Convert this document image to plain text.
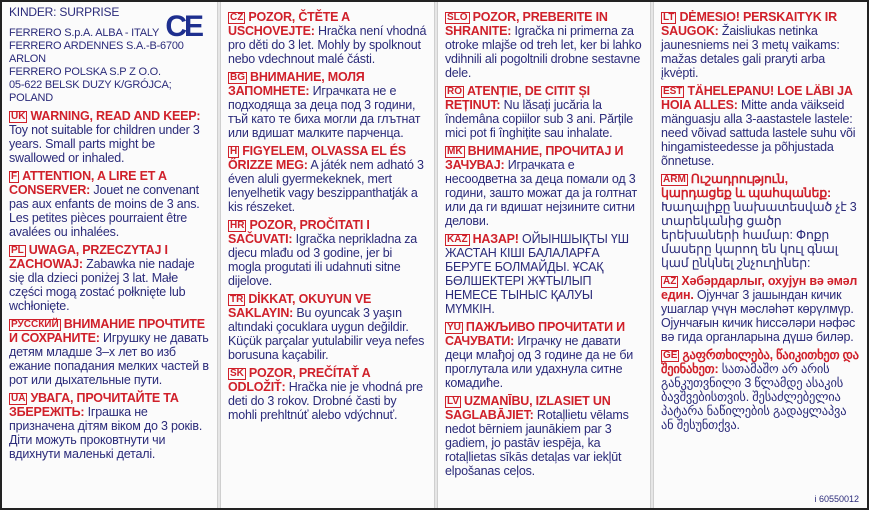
KINDER: SURPRISE	CE
FERRERO S.p.A. ALBA - ITALY
FERRERO ARDENNES S.A.-B-6700 ARLON
FERRERO POLSKA S.P Z O.O.
05-622 BELSK DUZY K/GRÓJCA; POLAND
UK WARNING, READ AND KEEP: Toy not suitable for children under 3 years. Small parts might be swallowed or inhaled.
F ATTENTION, A LIRE ET A CONSERVER: Jouet ne convenant pas aux enfants de moins de 3 ans. Les petites pièces pourraient être avalées ou inhalées.
PL UWAGA, PRZECZYTAJ I ZACHOWAJ: Zabawka nie nadaje się dla dzieci poniżej 3 lat. Małe części mogą zostać połknięte lub wchłonięte.
РУССКИЙ ВНИМАНИЕ ПРОЧТИТЕ И СОХРАНИТЕ: Игрушку не давать детям младше 3–х лет во изб ежание попадания мелких частей в рот или дыхательные пути.
UA УВАГА, ПРОЧИТАЙТЕ ТА ЗБЕРЕЖІТЬ: Іграшка не призначена дітям віком до 3 років. Діти можуть проковтнути чи вдихнути маленькі деталі.
CZ POZOR, ČTĚTE A USCHOVEJTE: Hračka není vhodná pro děti do 3 let. Mohly by spolknout nebo vdechnout malé části.
BG ВНИМАНИЕ, МОЛЯ ЗАПОМНЕТЕ: Играчката не е подходяща за деца под 3 години, тъй като те биха могли да глътнат или вдишат малките парченца.
H FIGYELEM, OLVASSA EL ÉS ŐRIZZE MEG: A játék nem adható 3 éven aluli gyermekeknek, mert lenyelhetik vagy beszippanthatják a kis részeket.
HR POZOR, PROČITATI I SAČUVATI: Igračka neprikladna za djecu mlađu od 3 godine, jer bi mogla progutati ili udahnuti sitne dijelove.
TR DİKKAT, OKUYUN VE SAKLAYIN: Bu oyuncak 3 yaşın altındaki çocuklara uygun değildir. Küçük parçalar yutulabilir veya nefes borusuna kaçabilir.
SK POZOR, PREČÍTAŤ A ODLOŽIŤ: Hračka nie je vhodná pre deti do 3 rokov. Drobné časti by mohli prehltnúť alebo vdýchnuť.
SLO POZOR, PREBERITE IN SHRANITE: Igračka ni primerna za otroke mlajše od treh let, ker bi lahko vdihnili ali pogoltnili drobne sestavne dele.
RO ATENȚIE, DE CITIT ȘI REȚINUT: Nu lăsați jucăria la îndemâna copiilor sub 3 ani. Părțile mici pot fi înghițite sau inhalate.
MK ВНИМАНИЕ, ПРОЧИТАЈ И ЗАЧУВАЈ: Играчката е несоодветна за деца помали од 3 години, зашто можат да ја голтнат или да ги вдишат нејзините ситни делови.
KAZ НАЗАР! ОЙЫНШЫҚТЫ ҮШ ЖАСТАН КІШІ БАЛАЛАРҒА БЕРУГЕ БОЛМАЙДЫ. ҰСАҚ БӨЛШЕКТЕРІ ЖҰТЫЛЫП НЕМЕСЕ ТЫНЫС ҚАЛУЫ МҮМКІН.
YU ПАЖЉИВО ПРОЧИТАТИ И САЧУВАТИ: Играчку не давати деци млађој од 3 године да не би проглутала или удахнула ситне комадиће.
LV UZMANĪBU, IZLASIET UN SAGLABĀJIET: Rotaļlietu vēlams nedot bērniem jaunākiem par 3 gadiem, jo pastāv iespēja, ka rotaļlietas sīkās detaļas var iekļūt elpošanas ceļos.
LT DĖMESIO! PERSKAITYK IR SAUGOK: Žaisliukas netinka jaunesniems nei 3 metų vaikams: mažas detales gali praryti arba įkvėpti.
EST TÄHELEPANU! LOE LÄBI JA HOIA ALLES: Mitte anda väikseid mänguasju alla 3-aastastele lastele: need võivad sattuda lastele suhu või hingamisteedesse ja põhjustada õnnetuse.
ARM Ուշադրություն, կարդացեք և պահպանեք: Խաղալիքը նախատեսված չէ 3 տարեկանից ցածր երեխաների համար: Փոքր մասերը կարող են կուլ գնալ կամ ընկնել շնչուղիներ:
AZ Хәбәрдарлыг, охујун вә әмәл един. Ојунчаг 3 јашындан кичик ушаглар үчүн мәсләһәт көрүлмүр. Ојунчағын кичик һиссәләри нәфәс вә гида органларына дүшә биләр.
GE გაფრთხილება, წაიკითხეთ და შეინახეთ: სათამაშო არ არის განკუთვნილი 3 წლამდე ასაკის ბავშვებისთვის. შესაძლებელია პატარა ნაწილების გადაყლაპვა ან შესუნთქვა.
i 60550012
